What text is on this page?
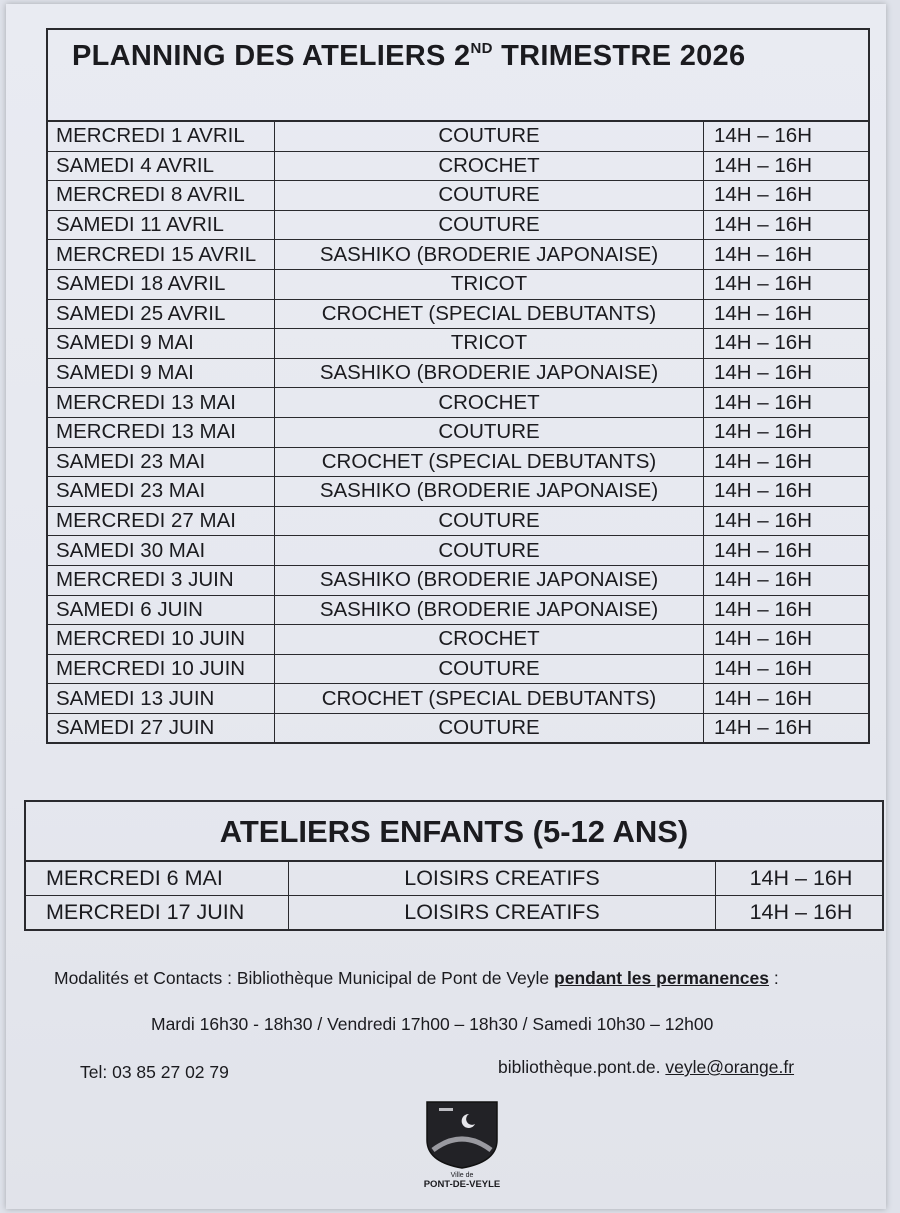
PLANNING DES ATELIERS 2ND TRIMESTRE 2026
MERCREDI 1 AVRIL	COUTURE	14H – 16H
SAMEDI 4 AVRIL	CROCHET	14H – 16H
MERCREDI 8 AVRIL	COUTURE	14H – 16H
SAMEDI 11 AVRIL	COUTURE	14H – 16H
MERCREDI 15 AVRIL	SASHIKO (BRODERIE JAPONAISE)	14H – 16H
SAMEDI 18 AVRIL	TRICOT	14H – 16H
SAMEDI 25 AVRIL	CROCHET (SPECIAL DEBUTANTS)	14H – 16H
SAMEDI 9 MAI	TRICOT	14H – 16H
SAMEDI 9 MAI	SASHIKO (BRODERIE JAPONAISE)	14H – 16H
MERCREDI 13 MAI	CROCHET	14H – 16H
MERCREDI 13 MAI	COUTURE	14H – 16H
SAMEDI 23 MAI	CROCHET (SPECIAL DEBUTANTS)	14H – 16H
SAMEDI 23 MAI	SASHIKO (BRODERIE JAPONAISE)	14H – 16H
MERCREDI 27 MAI	COUTURE	14H – 16H
SAMEDI 30 MAI	COUTURE	14H – 16H
MERCREDI 3 JUIN	SASHIKO (BRODERIE JAPONAISE)	14H – 16H
SAMEDI 6 JUIN	SASHIKO (BRODERIE JAPONAISE)	14H – 16H
MERCREDI 10 JUIN	CROCHET	14H – 16H
MERCREDI 10 JUIN	COUTURE	14H – 16H
SAMEDI 13 JUIN	CROCHET (SPECIAL DEBUTANTS)	14H – 16H
SAMEDI 27 JUIN	COUTURE	14H – 16H
ATELIERS ENFANTS (5-12 ANS)
MERCREDI 6 MAI	LOISIRS CREATIFS	14H – 16H
MERCREDI 17 JUIN	LOISIRS CREATIFS	14H – 16H
Modalités et Contacts : Bibliothèque Municipal de Pont de Veyle pendant les permanences :
Mardi 16h30 - 18h30 / Vendredi 17h00 – 18h30 / Samedi 10h30 – 12h00
Tel: 03 85 27 02 79	bibliothèque.pont.de. veyle@orange.fr
Ville de
PONT-DE-VEYLE
